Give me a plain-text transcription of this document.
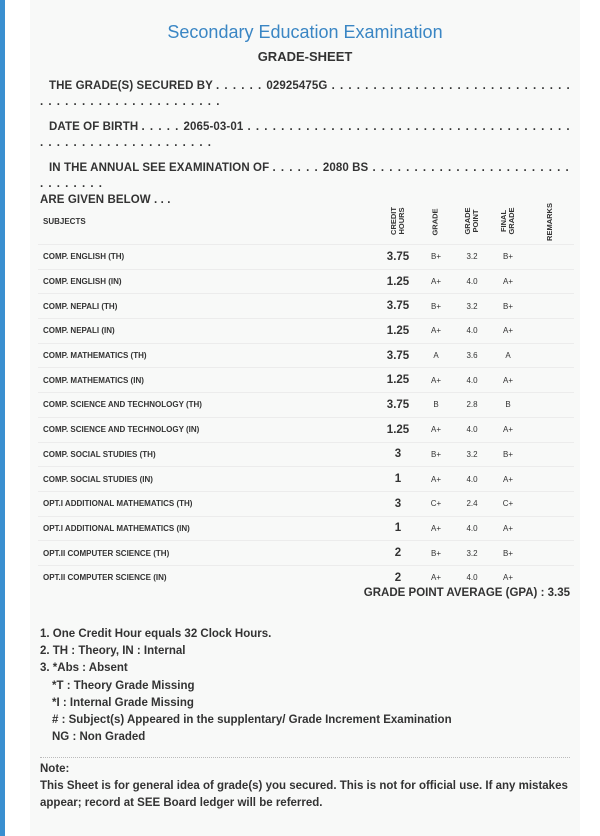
Secondary Education Examination
GRADE-SHEET
THE GRADE(S) SECURED BY . . . . . . 02925475G . . . . . . . . . . . . . . . . . . . . . . . . . . . . . . . . . . . . . . . . . . . . . . . . . . .
DATE OF BIRTH . . . . . 2065-03-01 . . . . . . . . . . . . . . . . . . . . . . . . . . . . . . . . . . . . . . . . . . . . . . . . . . . . . . . . . . . .
IN THE ANNUAL SEE EXAMINATION OF . . . . . . 2080 BS . . . . . . . . . . . . . . . . . . . . . . . . . . . . . . . .
ARE GIVEN BELOW . . .
SUBJECTS	CREDIT HOURS	GRADE	GRADE POINT	FINAL GRADE	REMARKS
COMP. ENGLISH (TH)	3.75	B+	3.2	B+	
COMP. ENGLISH (IN)	1.25	A+	4.0	A+	
COMP. NEPALI (TH)	3.75	B+	3.2	B+	
COMP. NEPALI (IN)	1.25	A+	4.0	A+	
COMP. MATHEMATICS (TH)	3.75	A	3.6	A	
COMP. MATHEMATICS (IN)	1.25	A+	4.0	A+	
COMP. SCIENCE AND TECHNOLOGY (TH)	3.75	B	2.8	B	
COMP. SCIENCE AND TECHNOLOGY (IN)	1.25	A+	4.0	A+	
COMP. SOCIAL STUDIES (TH)	3	B+	3.2	B+	
COMP. SOCIAL STUDIES (IN)	1	A+	4.0	A+	
OPT.I ADDITIONAL MATHEMATICS (TH)	3	C+	2.4	C+	
OPT.I ADDITIONAL MATHEMATICS (IN)	1	A+	4.0	A+	
OPT.II COMPUTER SCIENCE (TH)	2	B+	3.2	B+	
OPT.II COMPUTER SCIENCE (IN)	2	A+	4.0	A+	
GRADE POINT AVERAGE (GPA) : 3.35
1. One Credit Hour equals 32 Clock Hours.
2. TH : Theory, IN : Internal
3. *Abs : Absent
*T : Theory Grade Missing
*I : Internal Grade Missing
# : Subject(s) Appeared in the supplentary/ Grade Increment Examination
NG : Non Graded
Note:
This Sheet is for general idea of grade(s) you secured. This is not for official use. If any mistakes appear; record at SEE Board ledger will be referred.
